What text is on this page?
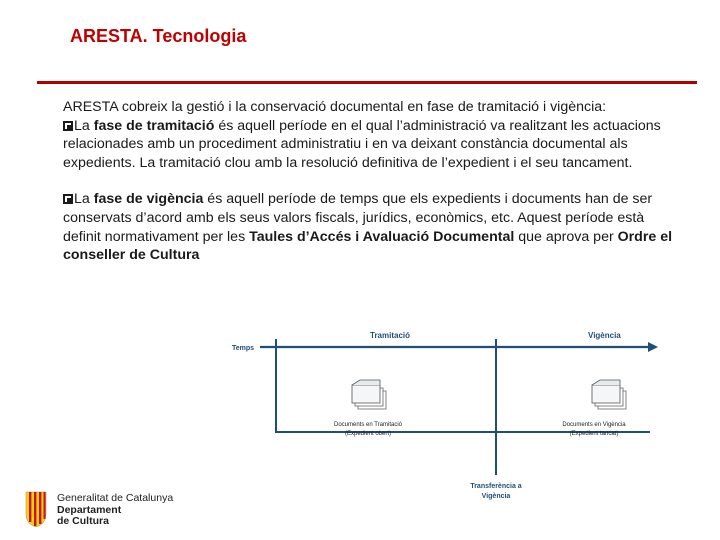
ARESTA. Tecnologia

ARESTA cobreix la gestió i la conservació documental en fase de tramitació i vigència:

La fase de tramitació és aquell període en el qual l’administració va realitzant les actuacions relacionades amb un procediment administratiu i en va deixant constància documental als expedients. La tramitació clou amb la resolució definitiva de l’expedient i el seu tancament.

La fase de vigència és aquell període de temps que els expedients i documents han de ser conservats d’acord amb els seus valors fiscals, jurídics, econòmics, etc. Aquest període està definit normativament per les Taules d’Accés i Avaluació Documental que aprova per Ordre el conseller de Cultura

Tramitació	Vigència
Temps
Documents en Tramitació
(Expedient obert)
Documents en Vigència
(Expedient tancat)
Transferència a
Vigència
Generalitat de Catalunya
Departament
de Cultura
